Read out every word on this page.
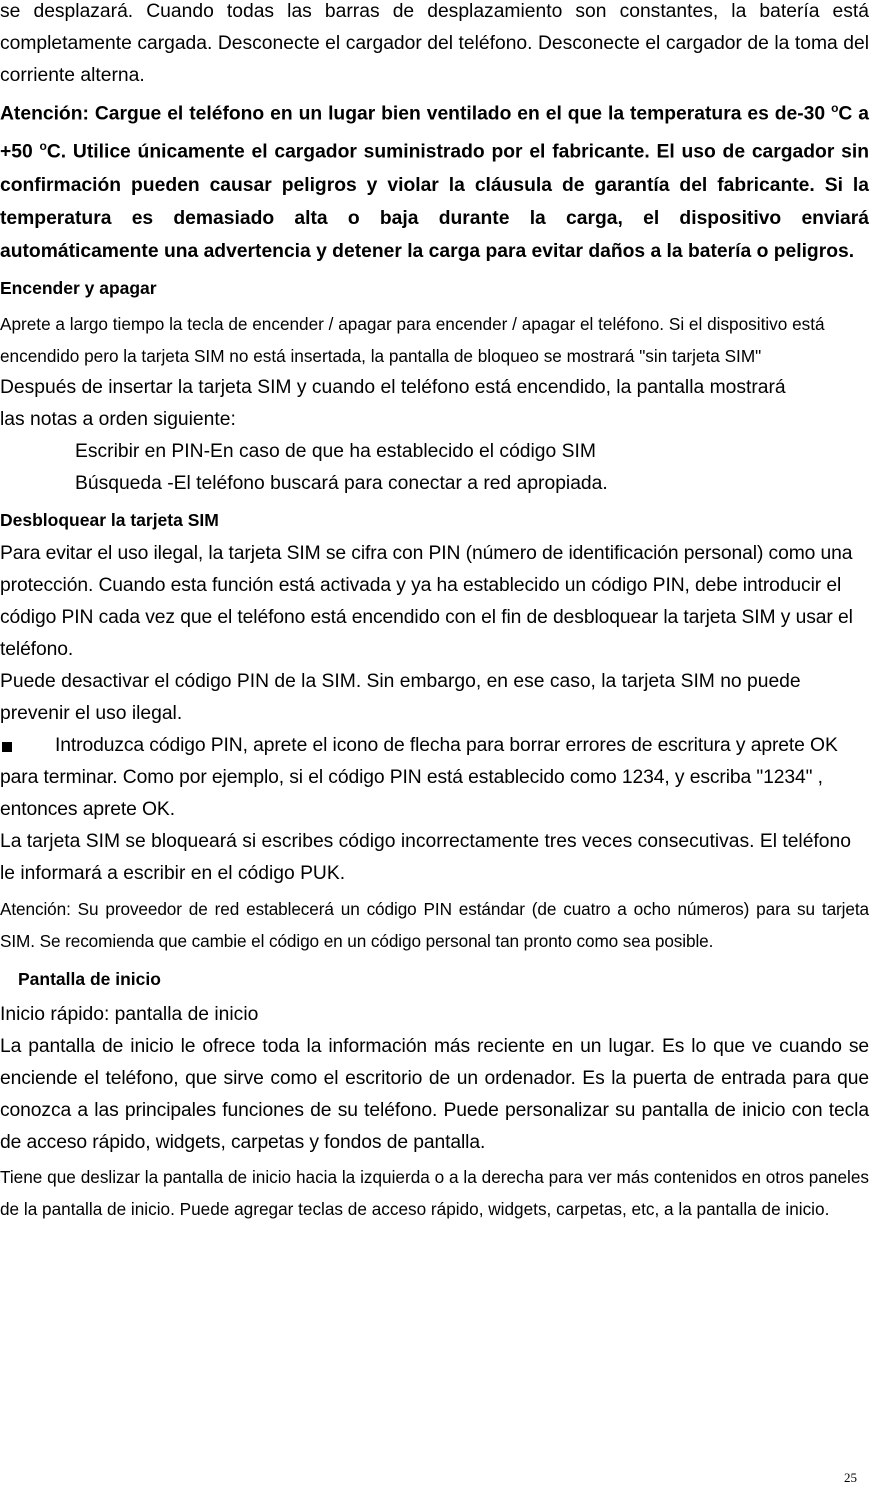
se desplazará. Cuando todas las barras de desplazamiento son constantes, la batería está completamente cargada. Desconecte el cargador del teléfono. Desconecte el cargador de la toma del corriente alterna.

Atención: Cargue el teléfono en un lugar bien ventilado en el que la temperatura es de-30 $^o$C a +50 $^o$C. Utilice únicamente el cargador suministrado por el fabricante. El uso de cargador sin confirmación pueden causar peligros y violar la cláusula de garantía del fabricante. Si la temperatura es demasiado alta o baja durante la carga, el dispositivo enviará automáticamente una advertencia y detener la carga para evitar daños a la batería o peligros.

Encender y apagar

Aprete a largo tiempo la tecla de encender / apagar para encender / apagar el teléfono. Si el dispositivo está encendido pero la tarjeta SIM no está insertada, la pantalla de bloqueo se mostrará "sin tarjeta SIM"

Después de insertar la tarjeta SIM y cuando el teléfono está encendido, la pantalla mostrará las notas a orden siguiente:

Escribir en PIN-En caso de que ha establecido el código SIM

Búsqueda -El teléfono buscará para conectar a red apropiada.

Desbloquear la tarjeta SIM

Para evitar el uso ilegal, la tarjeta SIM se cifra con PIN (número de identificación personal) como una protección. Cuando esta función está activada y ya ha establecido un código PIN, debe introducir el código PIN cada vez que el teléfono está encendido con el fin de desbloquear la tarjeta SIM y usar el teléfono.

Puede desactivar el código PIN de la SIM. Sin embargo, en ese caso, la tarjeta SIM no puede prevenir el uso ilegal.

Introduzca código PIN, aprete el icono de flecha para borrar errores de escritura y aprete OK para terminar. Como por ejemplo, si el código PIN está establecido como 1234, y escriba "1234" , entonces aprete OK.

La tarjeta SIM se bloqueará si escribes código incorrectamente tres veces consecutivas. El teléfono le informará a escribir en el código PUK.

Atención: Su proveedor de red establecerá un código PIN estándar (de cuatro a ocho números) para su tarjeta SIM. Se recomienda que cambie el código en un código personal tan pronto como sea posible.

Pantalla de inicio

Inicio rápido: pantalla de inicio

La pantalla de inicio le ofrece toda la información más reciente en un lugar. Es lo que ve cuando se enciende el teléfono, que sirve como el escritorio de un ordenador. Es la puerta de entrada para que conozca a las principales funciones de su teléfono. Puede personalizar su pantalla de inicio con tecla de acceso rápido, widgets, carpetas y fondos de pantalla.

Tiene que deslizar la pantalla de inicio hacia la izquierda o a la derecha para ver más contenidos en otros paneles de la pantalla de inicio. Puede agregar teclas de acceso rápido, widgets, carpetas, etc, a la pantalla de inicio.

25
